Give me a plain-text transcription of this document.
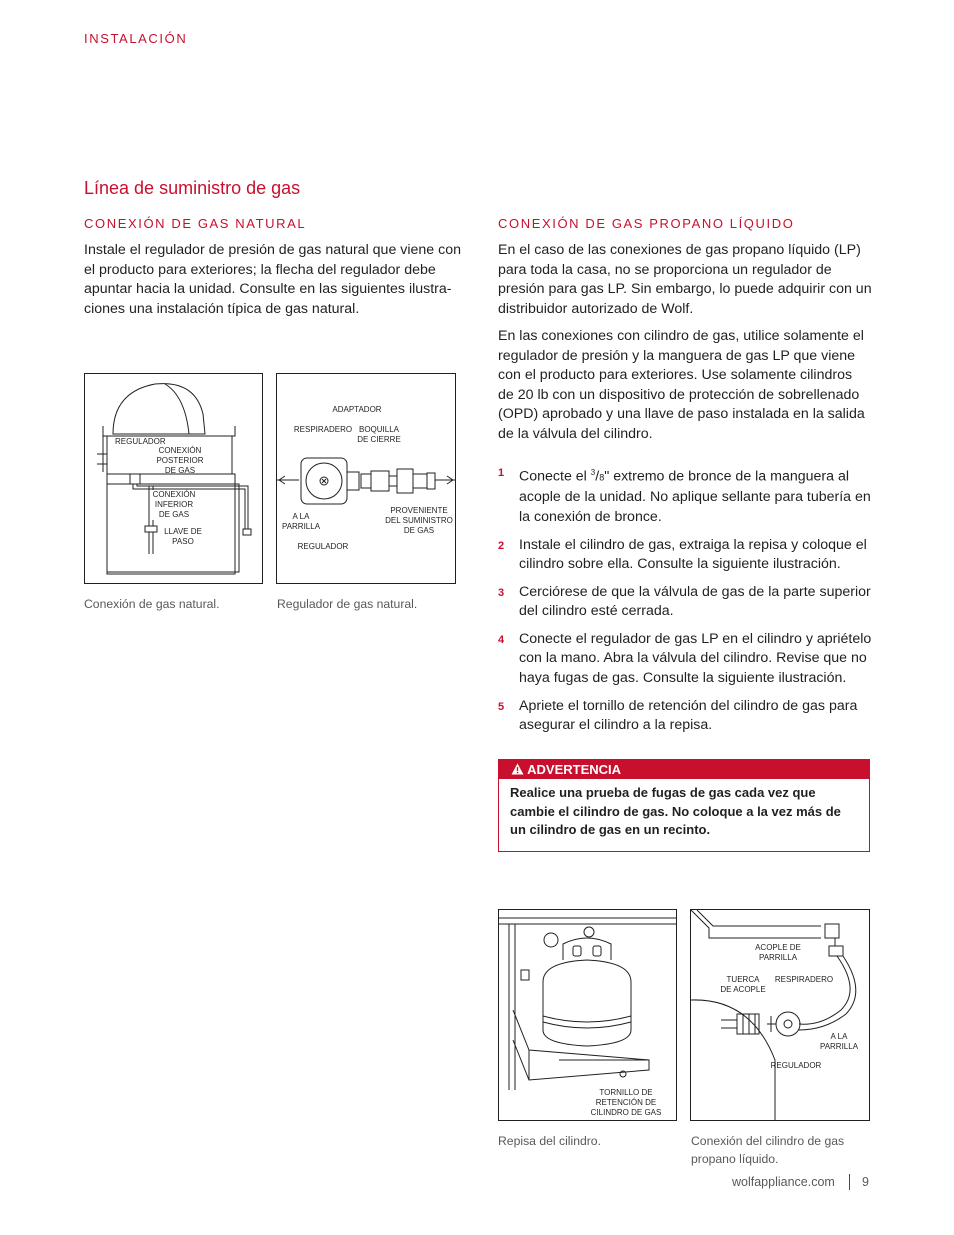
INSTALACIÓN
Línea de suministro de gas
CONEXIÓN DE GAS NATURAL
Instale el regulador de presión de gas natural que viene con
el producto para exteriores; la flecha del regulador debe
apuntar hacia la unidad. Consulte en las siguientes ilustra-
ciones una instalación típica de gas natural.
REGULADOR
CONEXIÓN
POSTERIOR
DE GAS
CONEXIÓN
INFERIOR
DE GAS
LLAVE DE
PASO
ADAPTADOR
RESPIRADERO BOQUILLA
DE CIERRE
A LA
PARRILLA
PROVENIENTE
DEL SUMINISTRO
DE GAS
REGULADOR
Conexión de gas natural.	Regulador de gas natural.
CONEXIÓN DE GAS PROPANO LÍQUIDO
En el caso de las conexiones de gas propano líquido (LP)
para toda la casa, no se proporciona un regulador de
presión para gas LP. Sin embargo, lo puede adquirir con un
distribuidor autorizado de Wolf.
En las conexiones con cilindro de gas, utilice solamente el
regulador de presión y la manguera de gas LP que viene
con el producto para exteriores. Use solamente cilindros
de 20 lb con un dispositivo de protección de sobrellenado
(OPD) aprobado y una llave de paso instalada en la salida
de la válvula del cilindro.
1	Conecte el $^3$/8" extremo de bronce de la manguera al
acople de la unidad. No aplique sellante para tubería en
la conexión de bronce.
2	Instale el cilindro de gas, extraiga la repisa y coloque el
cilindro sobre ella. Consulte la siguiente ilustración.
3	Cerciórese de que la válvula de gas de la parte superior
del cilindro esté cerrada.
4	Conecte el regulador de gas LP en el cilindro y apriételo
con la mano. Abra la válvula del cilindro. Revise que no
haya fugas de gas. Consulte la siguiente ilustración.
5	Apriete el tornillo de retención del cilindro de gas para
asegurar el cilindro a la repisa.
ADVERTENCIA
Realice una prueba de fugas de gas cada vez que
cambie el cilindro de gas. No coloque a la vez más de
un cilindro de gas en un recinto.
TORNILLO DE
RETENCIÓN DE
CILINDRO DE GAS
ACOPLE DE
PARRILLA
TUERCA
DE ACOPLE
RESPIRADERO
A LA
PARRILLA
REGULADOR
Repisa del cilindro.	Conexión del cilindro de gas
propano líquido.
wolfappliance.com 9
